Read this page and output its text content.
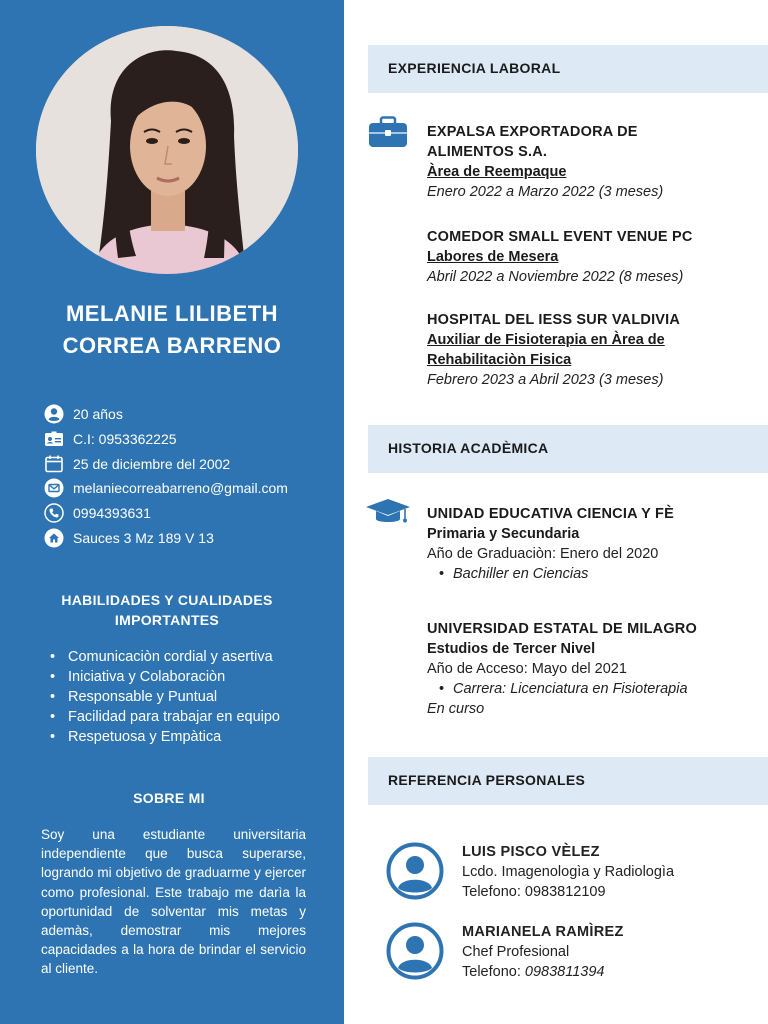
MELANIE LILIBETH
CORREA BARRENO
20 años
C.I: 0953362225
25 de diciembre del 2002
melaniecorreabarreno@gmail.com
0994393631
Sauces 3 Mz 189 V 13
HABILIDADES Y CUALIDADES
IMPORTANTES
• Comunicaciòn cordial y asertiva
• Iniciativa y Colaboraciòn
• Responsable y Puntual
• Facilidad para trabajar en equipo
• Respetuosa y Empàtica
SOBRE MI
Soy una estudiante universitaria independiente que busca superarse, logrando mi objetivo de graduarme y ejercer como profesional. Este trabajo me darìa la oportunidad de solventar mis metas y ademàs, demostrar mis mejores capacidades a la hora de brindar el servicio al cliente.
EXPERIENCIA LABORAL
EXPALSA EXPORTADORA DE ALIMENTOS S.A.
Àrea de Reempaque
Enero 2022 a Marzo 2022 (3 meses)
COMEDOR SMALL EVENT VENUE PC
Labores de Mesera
Abril 2022 a Noviembre 2022 (8 meses)
HOSPITAL DEL IESS SUR VALDIVIA
Auxiliar de Fisioterapia en Àrea de Rehabilitaciòn Fisica
Febrero 2023 a Abril 2023 (3 meses)
HISTORIA ACADÈMICA
UNIDAD EDUCATIVA CIENCIA Y FÈ
Primaria y Secundaria
Año de Graduaciòn: Enero del 2020
• Bachiller en Ciencias
UNIVERSIDAD ESTATAL DE MILAGRO
Estudios de Tercer Nivel
Año de Acceso: Mayo del 2021
• Carrera: Licenciatura en Fisioterapia
En curso
REFERENCIA PERSONALES
LUIS PISCO VÈLEZ
Lcdo. Imagenologìa y Radiologìa
Telefono: 0983812109
MARIANELA RAMÌREZ
Chef Profesional
Telefono: 0983811394
